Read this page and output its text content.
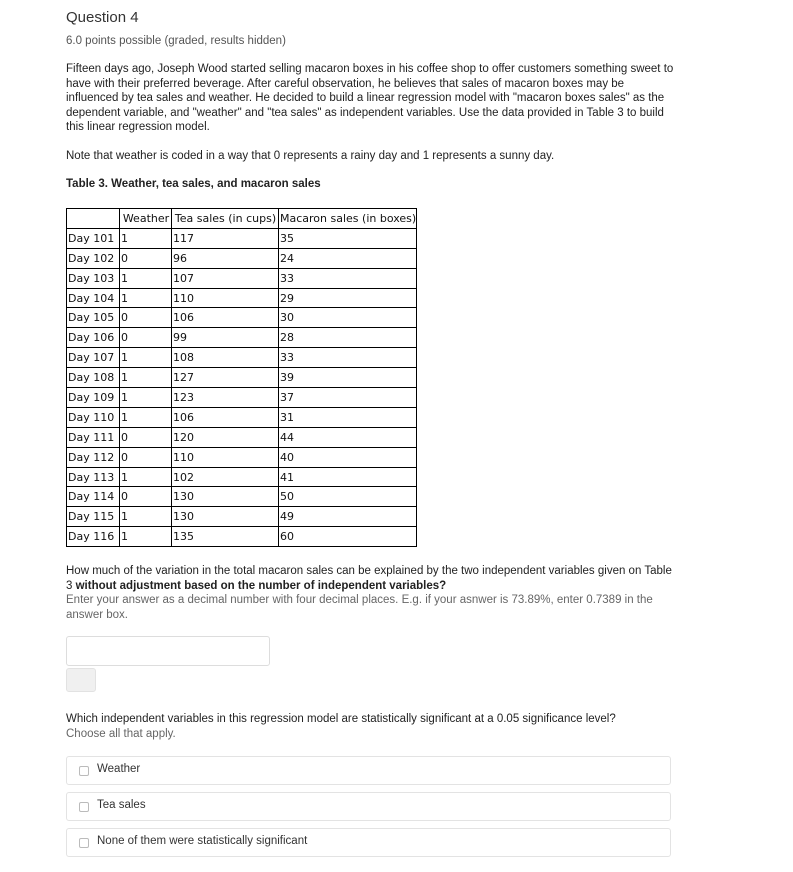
Question 4
6.0 points possible (graded, results hidden)
Fifteen days ago, Joseph Wood started selling macaron boxes in his coffee shop to offer customers something sweet to have with their preferred beverage. After careful observation, he believes that sales of macaron boxes may be influenced by tea sales and weather. He decided to build a linear regression model with "macaron boxes sales" as the dependent variable, and "weather" and "tea sales" as independent variables. Use the data provided in Table 3 to build this linear regression model.
Note that weather is coded in a way that 0 represents a rainy day and 1 represents a sunny day.
Table 3. Weather, tea sales, and macaron sales
	Weather	Tea sales (in cups)	Macaron sales (in boxes)
Day 101	1	117	35
Day 102	0	96	24
Day 103	1	107	33
Day 104	1	110	29
Day 105	0	106	30
Day 106	0	99	28
Day 107	1	108	33
Day 108	1	127	39
Day 109	1	123	37
Day 110	1	106	31
Day 111	0	120	44
Day 112	0	110	40
Day 113	1	102	41
Day 114	0	130	50
Day 115	1	130	49
Day 116	1	135	60
How much of the variation in the total macaron sales can be explained by the two independent variables given on Table 3 without adjustment based on the number of independent variables?
Enter your answer as a decimal number with four decimal places. E.g. if your asnwer is 73.89%, enter 0.7389 in the answer box.
Which independent variables in this regression model are statistically significant at a 0.05 significance level?
Choose all that apply.
Weather
Tea sales
None of them were statistically significant
